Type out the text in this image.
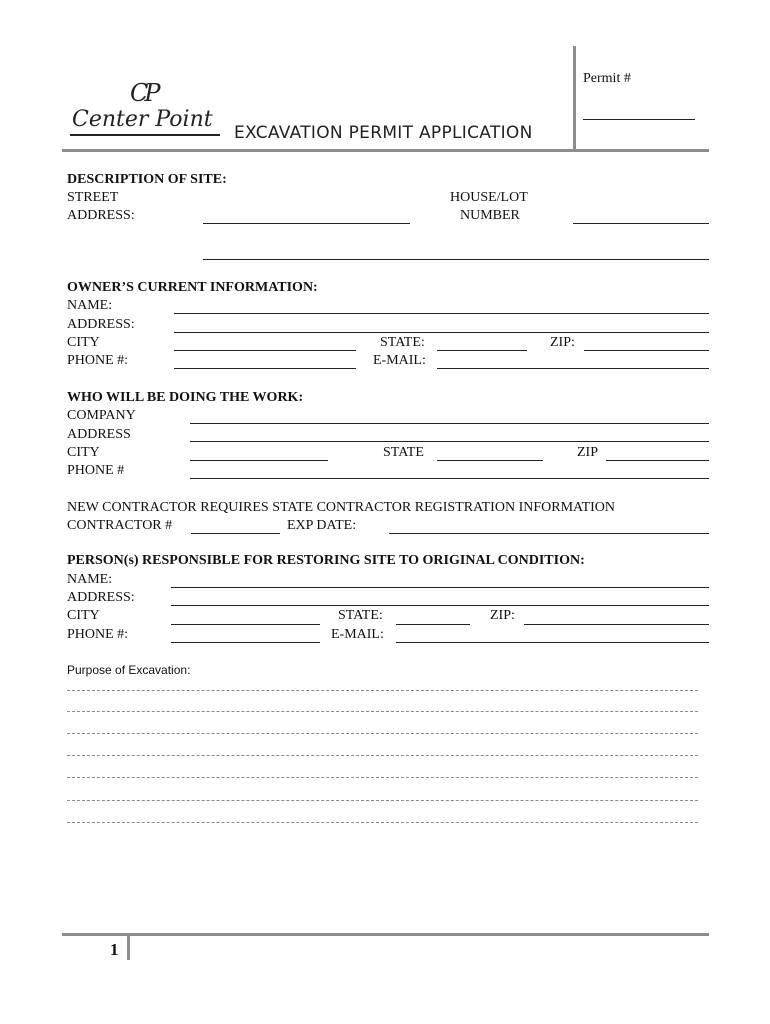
CP
Center Point
EXCAVATION PERMIT APPLICATION
Permit #
DESCRIPTION OF SITE:
STREET
ADDRESS:
HOUSE/LOT
NUMBER
OWNER’S CURRENT INFORMATION:
NAME:
ADDRESS:
CITY	STATE:	ZIP:
PHONE #:	E-MAIL:
WHO WILL BE DOING THE WORK:
COMPANY
ADDRESS
CITY	STATE	ZIP
PHONE #
NEW CONTRACTOR REQUIRES STATE CONTRACTOR REGISTRATION INFORMATION
CONTRACTOR #	EXP DATE:
PERSON(s) RESPONSIBLE FOR RESTORING SITE TO ORIGINAL CONDITION:
NAME:
ADDRESS:
CITY	STATE:	ZIP:
PHONE #:	E-MAIL:
Purpose of Excavation:
1
